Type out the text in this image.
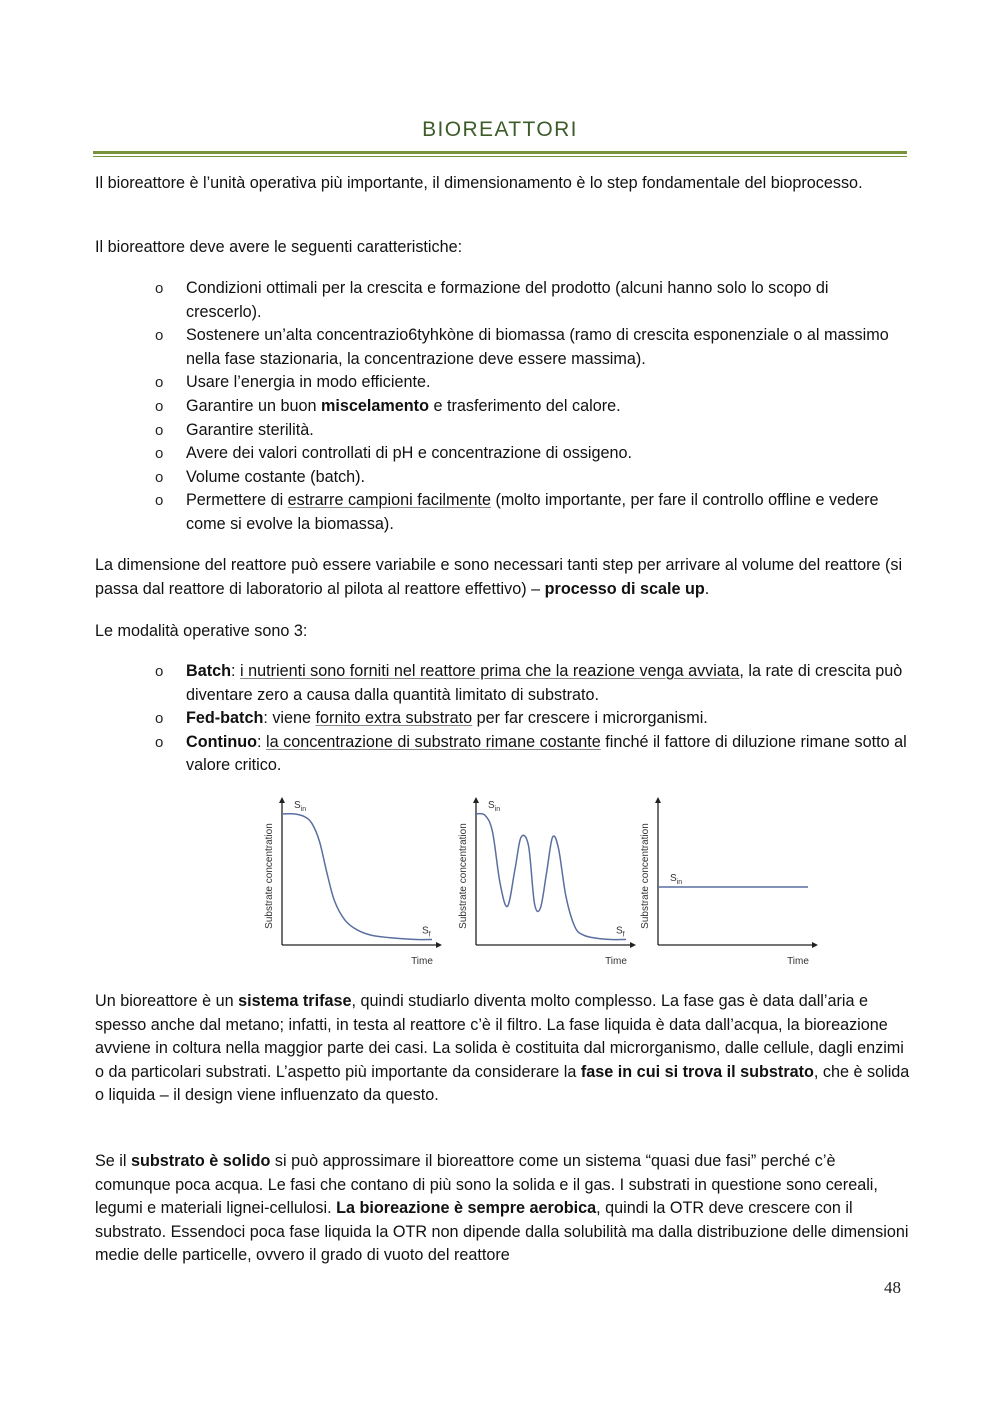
BIOREATTORI

Il bioreattore è l’unità operativa più importante, il dimensionamento è lo step fondamentale del bioprocesso.

Il bioreattore deve avere le seguenti caratteristiche:

o Condizioni ottimali per la crescita e formazione del prodotto (alcuni hanno solo lo scopo di crescerlo).
o Sostenere un’alta concentrazio6tyhkòne di biomassa (ramo di crescita esponenziale o al massimo nella fase stazionaria, la concentrazione deve essere massima).
o Usare l’energia in modo efficiente.
o Garantire un buon miscelamento e trasferimento del calore.
o Garantire sterilità.
o Avere dei valori controllati di pH e concentrazione di ossigeno.
o Volume costante (batch).
o Permettere di estrarre campioni facilmente (molto importante, per fare il controllo offline e vedere come si evolve la biomassa).

La dimensione del reattore può essere variabile e sono necessari tanti step per arrivare al volume del reattore (si passa dal reattore di laboratorio al pilota al reattore effettivo) – processo di scale up.

Le modalità operative sono 3:

o Batch: i nutrienti sono forniti nel reattore prima che la reazione venga avviata, la rate di crescita può diventare zero a causa dalla quantità limitato di substrato.
o Fed-batch: viene fornito extra substrato per far crescere i microrganismi.
o Continuo: la concentrazione di substrato rimane costante finché il fattore di diluzione rimane sotto al valore critico.
Substrate concentration
Time
$S_{in}$
$S_f$
Substrate concentration
Time
$S_{in}$
$S_f$
Substrate concentration
Time
$S_{in}$

Un bioreattore è un sistema trifase, quindi studiarlo diventa molto complesso. La fase gas è data dall’aria e spesso anche dal metano; infatti, in testa al reattore c’è il filtro. La fase liquida è data dall’acqua, la bioreazione avviene in coltura nella maggior parte dei casi. La solida è costituita dal microrganismo, dalle cellule, dagli enzimi o da particolari substrati. L’aspetto più importante da considerare la fase in cui si trova il substrato, che è solida o liquida – il design viene influenzato da questo.

Se il substrato è solido si può approssimare il bioreattore come un sistema “quasi due fasi” perché c’è comunque poca acqua. Le fasi che contano di più sono la solida e il gas. I substrati in questione sono cereali, legumi e materiali lignei-cellulosi. La bioreazione è sempre aerobica, quindi la OTR deve crescere con il substrato. Essendoci poca fase liquida la OTR non dipende dalla solubilità ma dalla distribuzione delle dimensioni medie delle particelle, ovvero il grado di vuoto del reattore

48
